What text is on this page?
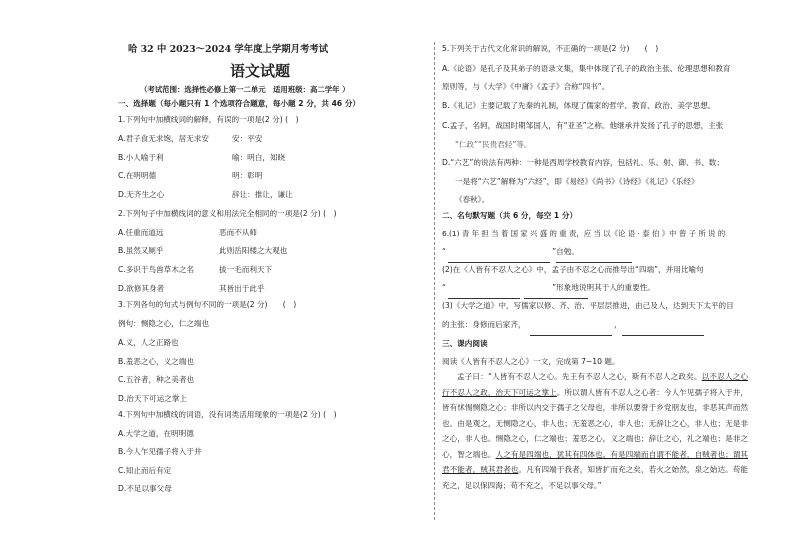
哈 32 中 2023～2024 学年度上学期月考考试
语文试题
（考试范围：选择性必修上第一二单元　适用班级：高二学年 ）
一、选择题（每小题只有 1 个选项符合题意，每小题 2 分，共 46 分）
1.下列句中加横线词的解释，有误的一项是(2 分) (　)
A.君子食无求饱，居无求安	安：平安
B.小人喻于利	喻：明白，知晓
C.在明明德	明：彰明
D.无齐生之心	辞让：推让，谦让
2.下列句子中加横线词的意义和用法完全相同的一项是(2 分) (　)
A.任重而道远	恶而不从师
B.虽然又厕乎	此则岳阳楼之大观也
C.多识于鸟兽草木之名	拔一毛而利天下
D.欲修其身者	其皆出于此乎
3.下列各句的句式与例句不同的一项是(2 分)　　(　)
例句：恻隐之心，仁之端也
A.义，人之正路也
B.羞恶之心，义之端也
C.五谷者，种之美者也
D.治天下可运之掌上
4.下列句中加横线的词语，没有词类活用现象的一项是(2 分) (　)
A.大学之道，在明明德
B.今人乍见孺子将入于井
C.知止而后有定
D.不足以事父母
5.下列关于古代文化常识的解说，不正确的一项是(2 分)　　(　)
A.《论语》是孔子及其弟子的语录文集，集中体现了孔子的政治主张、伦理思想和教育
原则等，与《大学》《中庸》《孟子》合称“四书”。
B.《礼记》主要记载了先秦的礼制，体现了儒家的哲学、教育、政治、美学思想。
C.孟子，名轲，战国时期邹国人，有“亚圣”之称。他继承并发扬了孔子的思想，主张
“仁政”“民贵君轻”等。
D.“六艺”的说法有两种：一种是西周学校教育内容，包括礼、乐、射、御、书、数；
一是将“六艺”解释为“六经”，即《易经》《尚书》《诗经》《礼记》《乐经》
《春秋》。
二、名句默写题（共 6 分，每空 1 分）
6.(1) 青 年 担 当 着 国 家 兴 盛 的 重 责，应 当 以《论 语 · 泰 伯 》中 曾 子 所 说 的
“　　　　　　　　　　　　　　”自勉。
(2)在《人皆有不忍人之心》中，孟子由不忍之心而推导出“四端”，并用比喻句
“　　　　　　　　　　　　　　”形象地说明其于人的重要性。
(3)《大学之道》中，写儒家以修、齐、治、平层层推进，由己及人，达到天下太平的目
的主张：身修而后家齐，	，
三、课内阅读
阅读《人皆有不忍人之心》一文，完成第 7~10 题。

孟子曰：“人皆有不忍人之心。先王有不忍人之心，斯有不忍人之政矣。以不忍人之心行不忍人之政，治天下可运之掌上。所以谓人皆有不忍人之心者：今人乍见孺子将入于井，皆有怵惕恻隐之心；非所以内交于孺子之父母也，非所以要誉于乡党朋友也，非恶其声而然也。由是观之，无恻隐之心，非人也；无羞恶之心，非人也；无辞让之心，非人也；无是非之心，非人也。恻隐之心，仁之端也；羞恶之心，义之端也；辞让之心，礼之端也；是非之心，智之端也。人之有是四端也，犹其有四体也。有是四端而自谓不能者，自贼者也；谓其君不能者，贼其君者也。凡有四端于我者，知皆扩而充之矣，若火之始然，泉之始达。苟能充之，足以保四海；苟不充之，不足以事父母。”
